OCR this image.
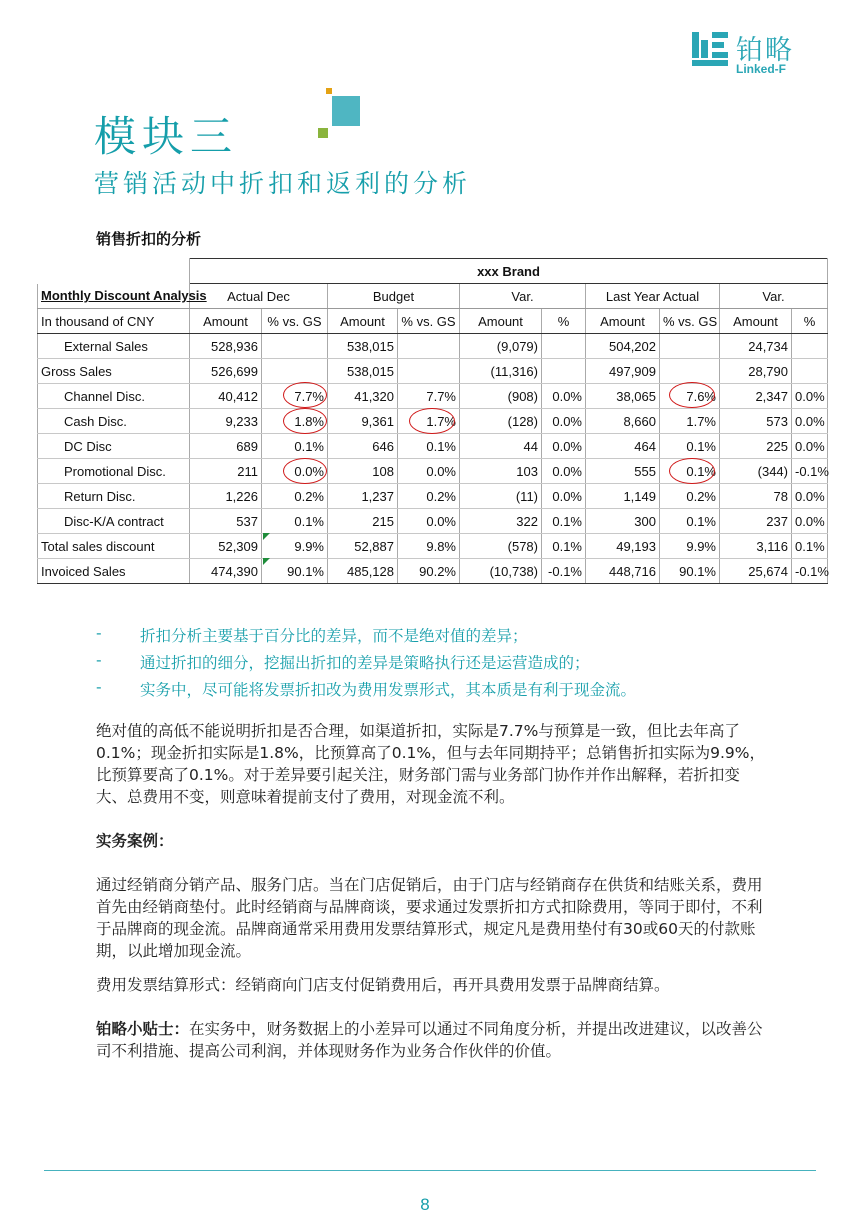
铂略
Linked-F
模块三
营销活动中折扣和返利的分析
销售折扣的分析
	xxx Brand									
Monthly Discount Analysis	Actual Dec		Budget		Var.		Last Year Actual		Var.	
In thousand of CNY	Amount	% vs. GS	Amount	% vs. GS	Amount	%	Amount	% vs. GS	Amount	%
External Sales	528,936		538,015		(9,079)		504,202		24,734	
Gross Sales	526,699		538,015		(11,316)		497,909		28,790	
Channel Disc.	40,412	7.7%	41,320	7.7%	(908)	0.0%	38,065	7.6%	2,347	0.0%
Cash Disc.	9,233	1.8%	9,361	1.7%	(128)	0.0%	8,660	1.7%	573	0.0%
DC Disc	689	0.1%	646	0.1%	44	0.0%	464	0.1%	225	0.0%
Promotional Disc.	211	0.0%	108	0.0%	103	0.0%	555	0.1%	(344)	-0.1%
Return Disc.	1,226	0.2%	1,237	0.2%	(11)	0.0%	1,149	0.2%	78	0.0%
Disc-K/A contract	537	0.1%	215	0.0%	322	0.1%	300	0.1%	237	0.0%
Total sales discount	52,309	9.9%	52,887	9.8%	(578)	0.1%	49,193	9.9%	3,116	0.1%
Invoiced Sales	474,390	90.1%	485,128	90.2%	(10,738)	-0.1%	448,716	90.1%	25,674	-0.1%
- 折扣分析主要基于百分比的差异，而不是绝对值的差异；
- 通过折扣的细分，挖掘出折扣的差异是策略执行还是运营造成的；
- 实务中，尽可能将发票折扣改为费用发票形式，其本质是有利于现金流。
绝对值的高低不能说明折扣是否合理，如渠道折扣，实际是7.7%与预算是一致，但比去年高了0.1%；现金折扣实际是1.8%，比预算高了0.1%，但与去年同期持平；总销售折扣实际为9.9%，比预算要高了0.1%。对于差异要引起关注，财务部门需与业务部门协作并作出解释，若折扣变大、总费用不变，则意味着提前支付了费用，对现金流不利。
实务案例：
通过经销商分销产品、服务门店。当在门店促销后，由于门店与经销商存在供货和结账关系，费用首先由经销商垫付。此时经销商与品牌商谈，要求通过发票折扣方式扣除费用，等同于即付，不利于品牌商的现金流。品牌商通常采用费用发票结算形式，规定凡是费用垫付有30或60天的付款账期，以此增加现金流。
费用发票结算形式：经销商向门店支付促销费用后，再开具费用发票于品牌商结算。
铂略小贴士：在实务中，财务数据上的小差异可以通过不同角度分析，并提出改进建议，以改善公司不利措施、提高公司利润，并体现财务作为业务合作伙伴的价值。
8
